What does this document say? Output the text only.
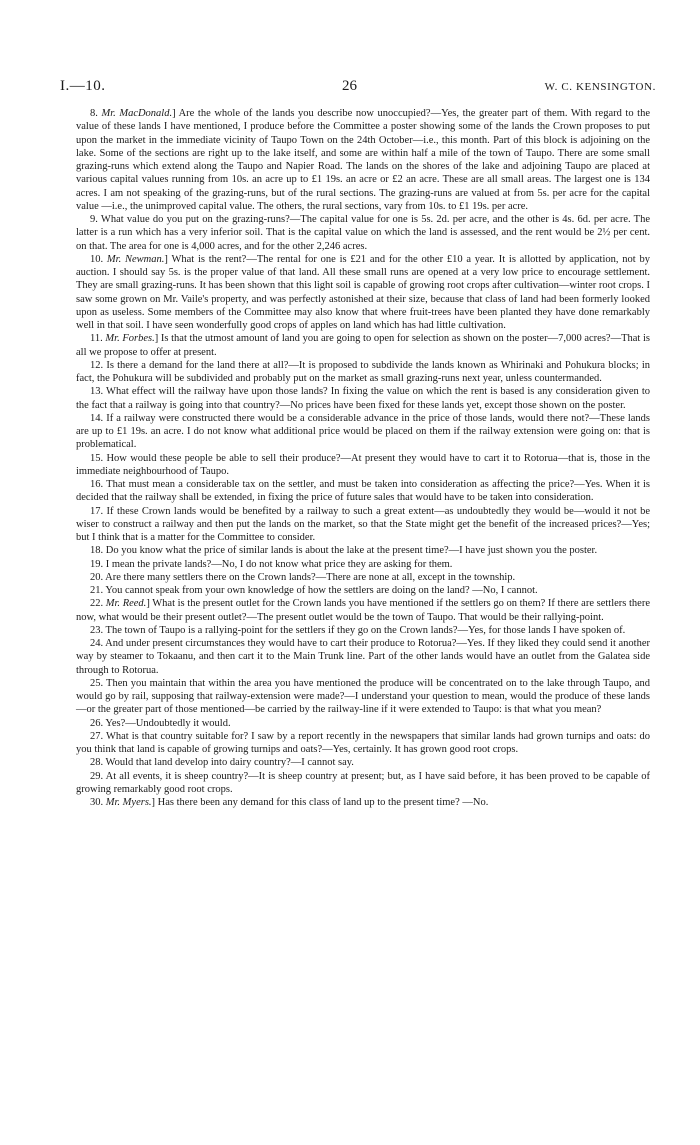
I.—10.	26	W. C. KENSINGTON.

8. Mr. MacDonald.] Are the whole of the lands you describe now unoccupied?—Yes, the greater part of them. With regard to the value of these lands I have mentioned, I produce before the Committee a poster showing some of the lands the Crown proposes to put upon the market in the immediate vicinity of Taupo Town on the 24th October—i.e., this month. Part of this block is adjoining on the lake. Some of the sections are right up to the lake itself, and some are within half a mile of the town of Taupo. There are some small grazing-runs which extend along the Taupo and Napier Road. The lands on the shores of the lake and adjoining Taupo are placed at various capital values running from 10s. an acre up to £1 19s. an acre or £2 an acre. These are all small areas. The largest one is 134 acres. I am not speaking of the grazing-runs, but of the rural sections. The grazing-runs are valued at from 5s. per acre for the capital value —i.e., the unimproved capital value. The others, the rural sections, vary from 10s. to £1 19s. per acre.

9. What value do you put on the grazing-runs?—The capital value for one is 5s. 2d. per acre, and the other is 4s. 6d. per acre. The latter is a run which has a very inferior soil. That is the capital value on which the land is assessed, and the rent would be 2½ per cent. on that. The area for one is 4,000 acres, and for the other 2,246 acres.

10. Mr. Newman.] What is the rent?—The rental for one is £21 and for the other £10 a year. It is allotted by application, not by auction. I should say 5s. is the proper value of that land. All these small runs are opened at a very low price to encourage settlement. They are small grazing-runs. It has been shown that this light soil is capable of growing root crops after cultivation—winter root crops. I saw some grown on Mr. Vaile's property, and was perfectly astonished at their size, because that class of land had been formerly looked upon as useless. Some members of the Committee may also know that where fruit-trees have been planted they have done remarkably well in that soil. I have seen wonderfully good crops of apples on land which has had little cultivation.

11. Mr. Forbes.] Is that the utmost amount of land you are going to open for selection as shown on the poster—7,000 acres?—That is all we propose to offer at present.

12. Is there a demand for the land there at all?—It is proposed to subdivide the lands known as Whirinaki and Pohukura blocks; in fact, the Pohukura will be subdivided and probably put on the market as small grazing-runs next year, unless countermanded.

13. What effect will the railway have upon those lands? In fixing the value on which the rent is based is any consideration given to the fact that a railway is going into that country?—No prices have been fixed for these lands yet, except those shown on the poster.

14. If a railway were constructed there would be a considerable advance in the price of those lands, would there not?—These lands are up to £1 19s. an acre. I do not know what additional price would be placed on them if the railway extension were going on: that is problematical.

15. How would these people be able to sell their produce?—At present they would have to cart it to Rotorua—that is, those in the immediate neighbourhood of Taupo.

16. That must mean a considerable tax on the settler, and must be taken into consideration as affecting the price?—Yes. When it is decided that the railway shall be extended, in fixing the price of future sales that would have to be taken into consideration.

17. If these Crown lands would be benefited by a railway to such a great extent—as undoubtedly they would be—would it not be wiser to construct a railway and then put the lands on the market, so that the State might get the benefit of the increased prices?—Yes; but I think that is a matter for the Committee to consider.

18. Do you know what the price of similar lands is about the lake at the present time?—I have just shown you the poster.

19. I mean the private lands?—No, I do not know what price they are asking for them.

20. Are there many settlers there on the Crown lands?—There are none at all, except in the township.

21. You cannot speak from your own knowledge of how the settlers are doing on the land? —No, I cannot.

22. Mr. Reed.] What is the present outlet for the Crown lands you have mentioned if the settlers go on them? If there are settlers there now, what would be their present outlet?—The present outlet would be the town of Taupo. That would be their rallying-point.

23. The town of Taupo is a rallying-point for the settlers if they go on the Crown lands?—Yes, for those lands I have spoken of.

24. And under present circumstances they would have to cart their produce to Rotorua?—Yes. If they liked they could send it another way by steamer to Tokaanu, and then cart it to the Main Trunk line. Part of the other lands would have an outlet from the Galatea side through to Rotorua.

25. Then you maintain that within the area you have mentioned the produce will be concentrated on to the lake through Taupo, and would go by rail, supposing that railway-extension were made?—I understand your question to mean, would the produce of these lands—or the greater part of those mentioned—be carried by the railway-line if it were extended to Taupo: is that what you mean?

26. Yes?—Undoubtedly it would.

27. What is that country suitable for? I saw by a report recently in the newspapers that similar lands had grown turnips and oats: do you think that land is capable of growing turnips and oats?—Yes, certainly. It has grown good root crops.

28. Would that land develop into dairy country?—I cannot say.

29. At all events, it is sheep country?—It is sheep country at present; but, as I have said before, it has been proved to be capable of growing remarkably good root crops.

30. Mr. Myers.] Has there been any demand for this class of land up to the present time? —No.
